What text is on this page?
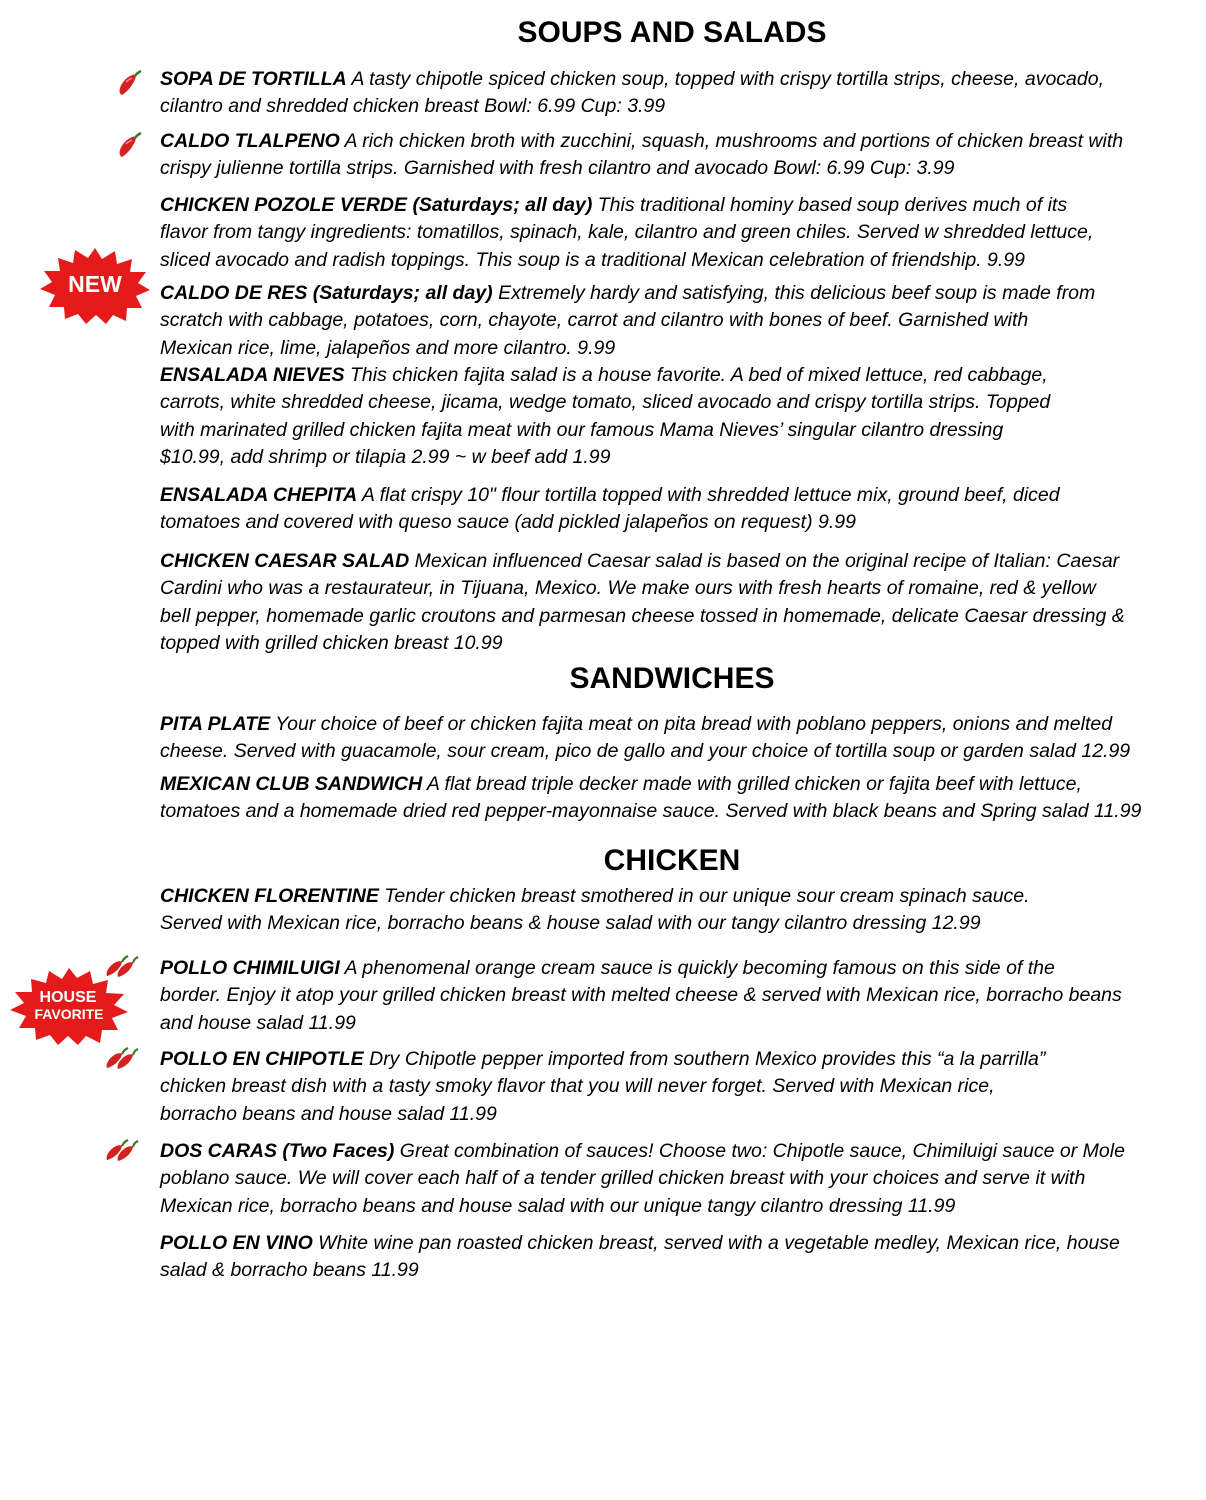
SOUPS AND SALADS

SOPA DE TORTILLA A tasty chipotle spiced chicken soup, topped with crispy tortilla strips, cheese, avocado,
cilantro and shredded chicken breast Bowl: 6.99 Cup: 3.99

CALDO TLALPENO A rich chicken broth with zucchini, squash, mushrooms and portions of chicken breast with
crispy julienne tortilla strips. Garnished with fresh cilantro and avocado Bowl: 6.99 Cup: 3.99

CHICKEN POZOLE VERDE (Saturdays; all day) This traditional hominy based soup derives much of its
flavor from tangy ingredients: tomatillos, spinach, kale, cilantro and green chiles. Served w shredded lettuce,
sliced avocado and radish toppings. This soup is a traditional Mexican celebration of friendship. 9.99

NEW CALDO DE RES (Saturdays; all day) Extremely hardy and satisfying, this delicious beef soup is made from
scratch with cabbage, potatoes, corn, chayote, carrot and cilantro with bones of beef. Garnished with
Mexican rice, lime, jalapeños and more cilantro. 9.99

ENSALADA NIEVES This chicken fajita salad is a house favorite. A bed of mixed lettuce, red cabbage,
carrots, white shredded cheese, jicama, wedge tomato, sliced avocado and crispy tortilla strips. Topped
with marinated grilled chicken fajita meat with our famous Mama Nieves’ singular cilantro dressing
$10.99, add shrimp or tilapia 2.99 ~ w beef add 1.99

ENSALADA CHEPITA A flat crispy 10" flour tortilla topped with shredded lettuce mix, ground beef, diced
tomatoes and covered with queso sauce (add pickled jalapeños on request) 9.99

CHICKEN CAESAR SALAD Mexican influenced Caesar salad is based on the original recipe of Italian: Caesar
Cardini who was a restaurateur, in Tijuana, Mexico. We make ours with fresh hearts of romaine, red & yellow
bell pepper, homemade garlic croutons and parmesan cheese tossed in homemade, delicate Caesar dressing &
topped with grilled chicken breast 10.99

SANDWICHES

PITA PLATE Your choice of beef or chicken fajita meat on pita bread with poblano peppers, onions and melted
cheese. Served with guacamole, sour cream, pico de gallo and your choice of tortilla soup or garden salad 12.99

MEXICAN CLUB SANDWICH A flat bread triple decker made with grilled chicken or fajita beef with lettuce,
tomatoes and a homemade dried red pepper-mayonnaise sauce. Served with black beans and Spring salad 11.99

CHICKEN

CHICKEN FLORENTINE Tender chicken breast smothered in our unique sour cream spinach sauce.
Served with Mexican rice, borracho beans & house salad with our tangy cilantro dressing 12.99

HOUSE
FAVORITE

POLLO CHIMILUIGI A phenomenal orange cream sauce is quickly becoming famous on this side of the
border. Enjoy it atop your grilled chicken breast with melted cheese & served with Mexican rice, borracho beans
and house salad 11.99

POLLO EN CHIPOTLE Dry Chipotle pepper imported from southern Mexico provides this “a la parrilla”
chicken breast dish with a tasty smoky flavor that you will never forget. Served with Mexican rice,
borracho beans and house salad 11.99

DOS CARAS (Two Faces) Great combination of sauces! Choose two: Chipotle sauce, Chimiluigi sauce or Mole
poblano sauce. We will cover each half of a tender grilled chicken breast with your choices and serve it with
Mexican rice, borracho beans and house salad with our unique tangy cilantro dressing 11.99

POLLO EN VINO White wine pan roasted chicken breast, served with a vegetable medley, Mexican rice, house
salad & borracho beans 11.99
